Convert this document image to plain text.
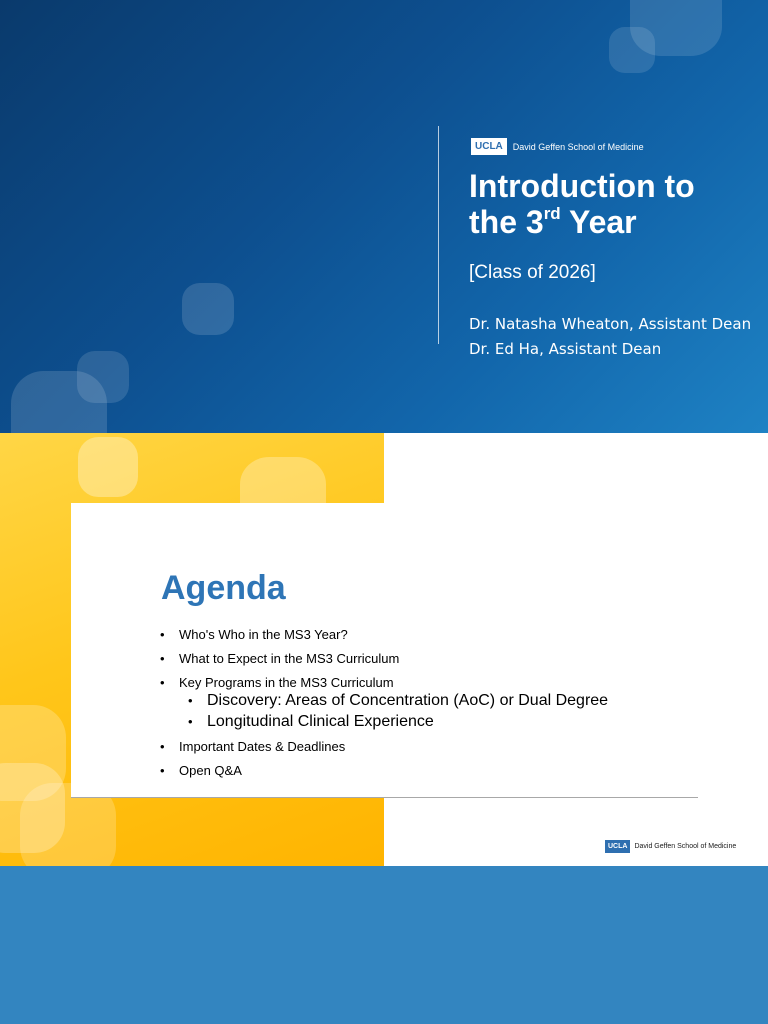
UCLA	David Geffen School of Medicine
Introduction to
the 3rd Year
[Class of 2026]
Dr. Natasha Wheaton, Assistant Dean
Dr. Ed Ha, Assistant Dean
Agenda
• Who's Who in the MS3 Year?
• What to Expect in the MS3 Curriculum
• Key Programs in the MS3 Curriculum
• Discovery: Areas of Concentration (AoC) or Dual Degree
• Longitudinal Clinical Experience
• Important Dates & Deadlines
• Open Q&A
UCLA	David Geffen School of Medicine
